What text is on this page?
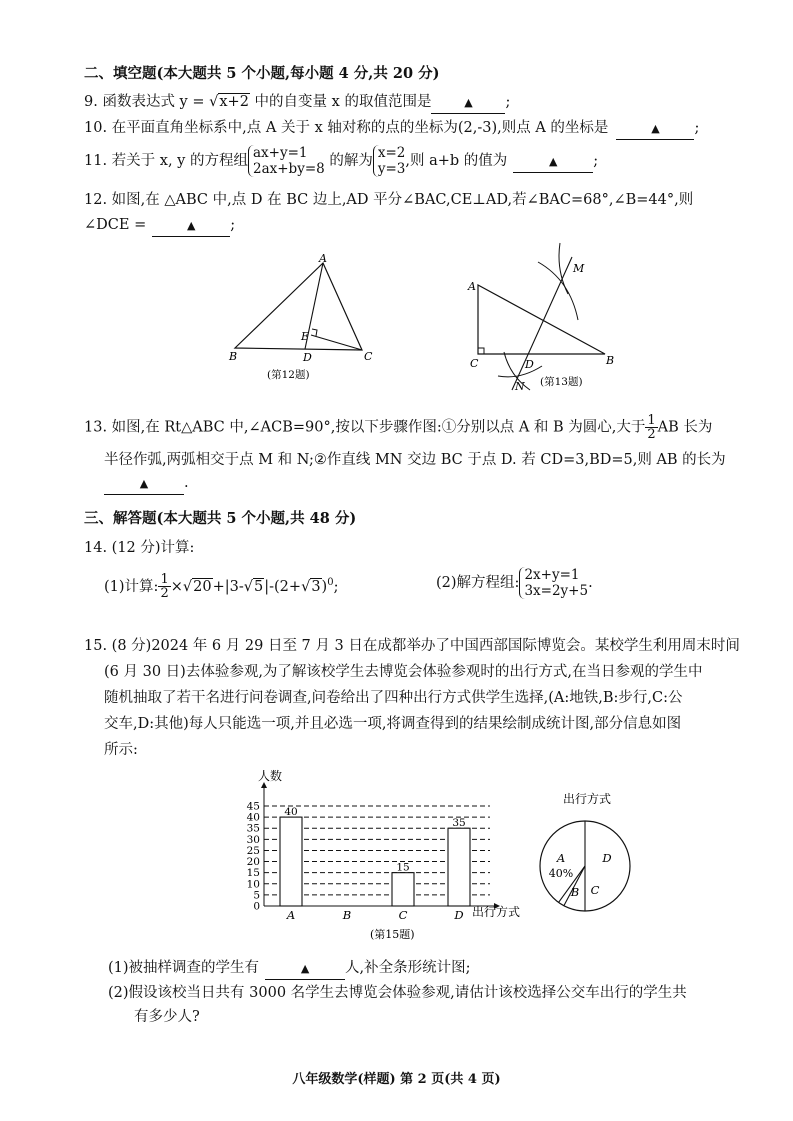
二、填空题(本大题共 5 个小题,每小题 4 分,共 20 分)
9. 函数表达式 y = √x+2 中的自变量 x 的取值范围是	▲ ;
10. 在平面直角坐标系中,点 A 关于 x 轴对称的点的坐标为(2,-3),则点 A 的坐标是	▲ ;
11. 若关于 x, y 的方程组 ax+y=1
2ax+by=8 的解为 x=2
y=3 ,则 a+b 的值为	▲ ;
12. 如图,在 △ABC 中,点 D 在 BC 边上,AD 平分∠BAC,CE⊥AD,若∠BAC=68°,∠B=44°,则
∠DCE =	▲ ;
A
B	C
D
E
(第12题)
A
C	B
D
M
N (第13题)
13. 如图,在 Rt△ABC 中,∠ACB=90°,按以下步骤作图:①分别以点 A 和 B 为圆心,大于 $\frac{1}{2}$ AB 长为
半径作弧,两弧相交于点 M 和 N;②作直线 MN 交边 BC 于点 D. 若 CD=3,BD=5,则 AB 的长为
▲ .
三、解答题(本大题共 5 个小题,共 48 分)
14. (12 分)计算:
(1)计算: $\frac{1}{2} \times√20+|3-√5|-(2+√3)^0$;	(2)解方程组: 2x+y=1
3x=2y+5 .
15. (8 分)2024 年 6 月 29 日至 7 月 3 日在成都举办了中国西部国际博览会。某校学生利用周末时间
(6 月 30 日)去体验参观,为了解该校学生去博览会体验参观时的出行方式,在当日参观的学生中
随机抽取了若干名进行问卷调查,问卷给出了四种出行方式供学生选择,(A:地铁,B:步行,C:公
交车,D:其他)每人只能选一项,并且必选一项,将调查得到的结果绘制成统计图,部分信息如图
所示:
40
15
35
0
5
10
15
20
25
30
35
40
45
A	B	C	D
人数
出行方式
(第15题)
出行方式
A
40%
B C
D
(1)被抽样调查的学生有	▲ 人,补全条形统计图;
(2)假设该校当日共有 3000 名学生去博览会体验参观,请估计该校选择公交车出行的学生共
有多少人?
八年级数学(样题) 第 2 页(共 4 页)
